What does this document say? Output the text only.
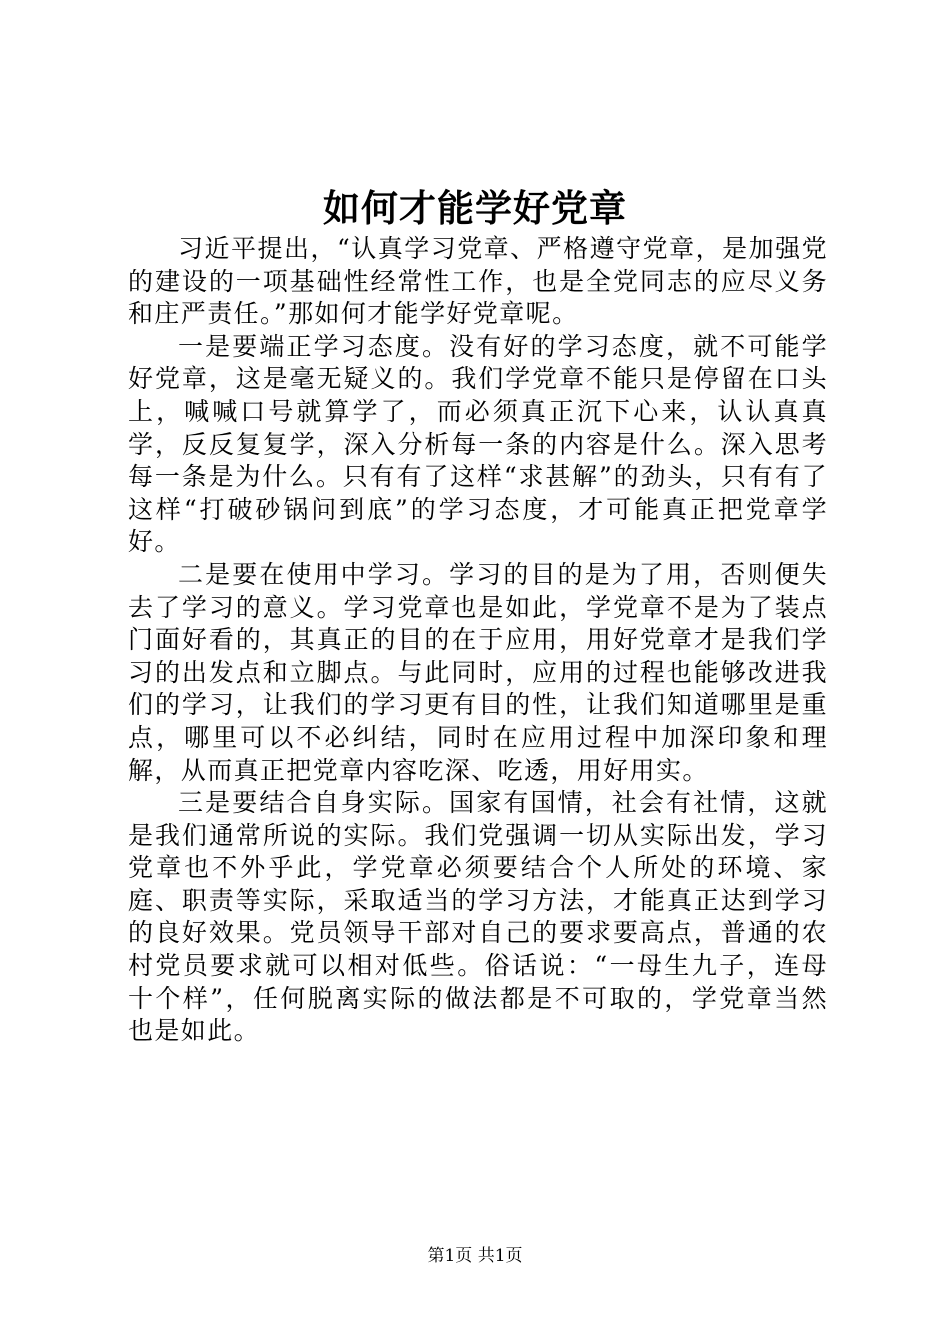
如何才能学好党章

习近平提出，“认真学习党章、严格遵守党章，是加强党的建设的一项基础性经常性工作，也是全党同志的应尽义务和庄严责任。”那如何才能学好党章呢。

一是要端正学习态度。没有好的学习态度，就不可能学好党章，这是毫无疑义的。我们学党章不能只是停留在口头上，喊喊口号就算学了，而必须真正沉下心来，认认真真学，反反复复学，深入分析每一条的内容是什么。深入思考每一条是为什么。只有有了这样“求甚解”的劲头，只有有了这样“打破砂锅问到底”的学习态度，才可能真正把党章学好。

二是要在使用中学习。学习的目的是为了用，否则便失去了学习的意义。学习党章也是如此，学党章不是为了装点门面好看的，其真正的目的在于应用，用好党章才是我们学习的出发点和立脚点。与此同时，应用的过程也能够改进我们的学习，让我们的学习更有目的性，让我们知道哪里是重点，哪里可以不必纠结，同时在应用过程中加深印象和理解，从而真正把党章内容吃深、吃透，用好用实。

三是要结合自身实际。国家有国情，社会有社情，这就是我们通常所说的实际。我们党强调一切从实际出发，学习党章也不外乎此，学党章必须要结合个人所处的环境、家庭、职责等实际，采取适当的学习方法，才能真正达到学习的良好效果。党员领导干部对自己的要求要高点，普通的农村党员要求就可以相对低些。俗话说：“一母生九子，连母十个样”，任何脱离实际的做法都是不可取的，学党章当然也是如此。

第1页 共1页
